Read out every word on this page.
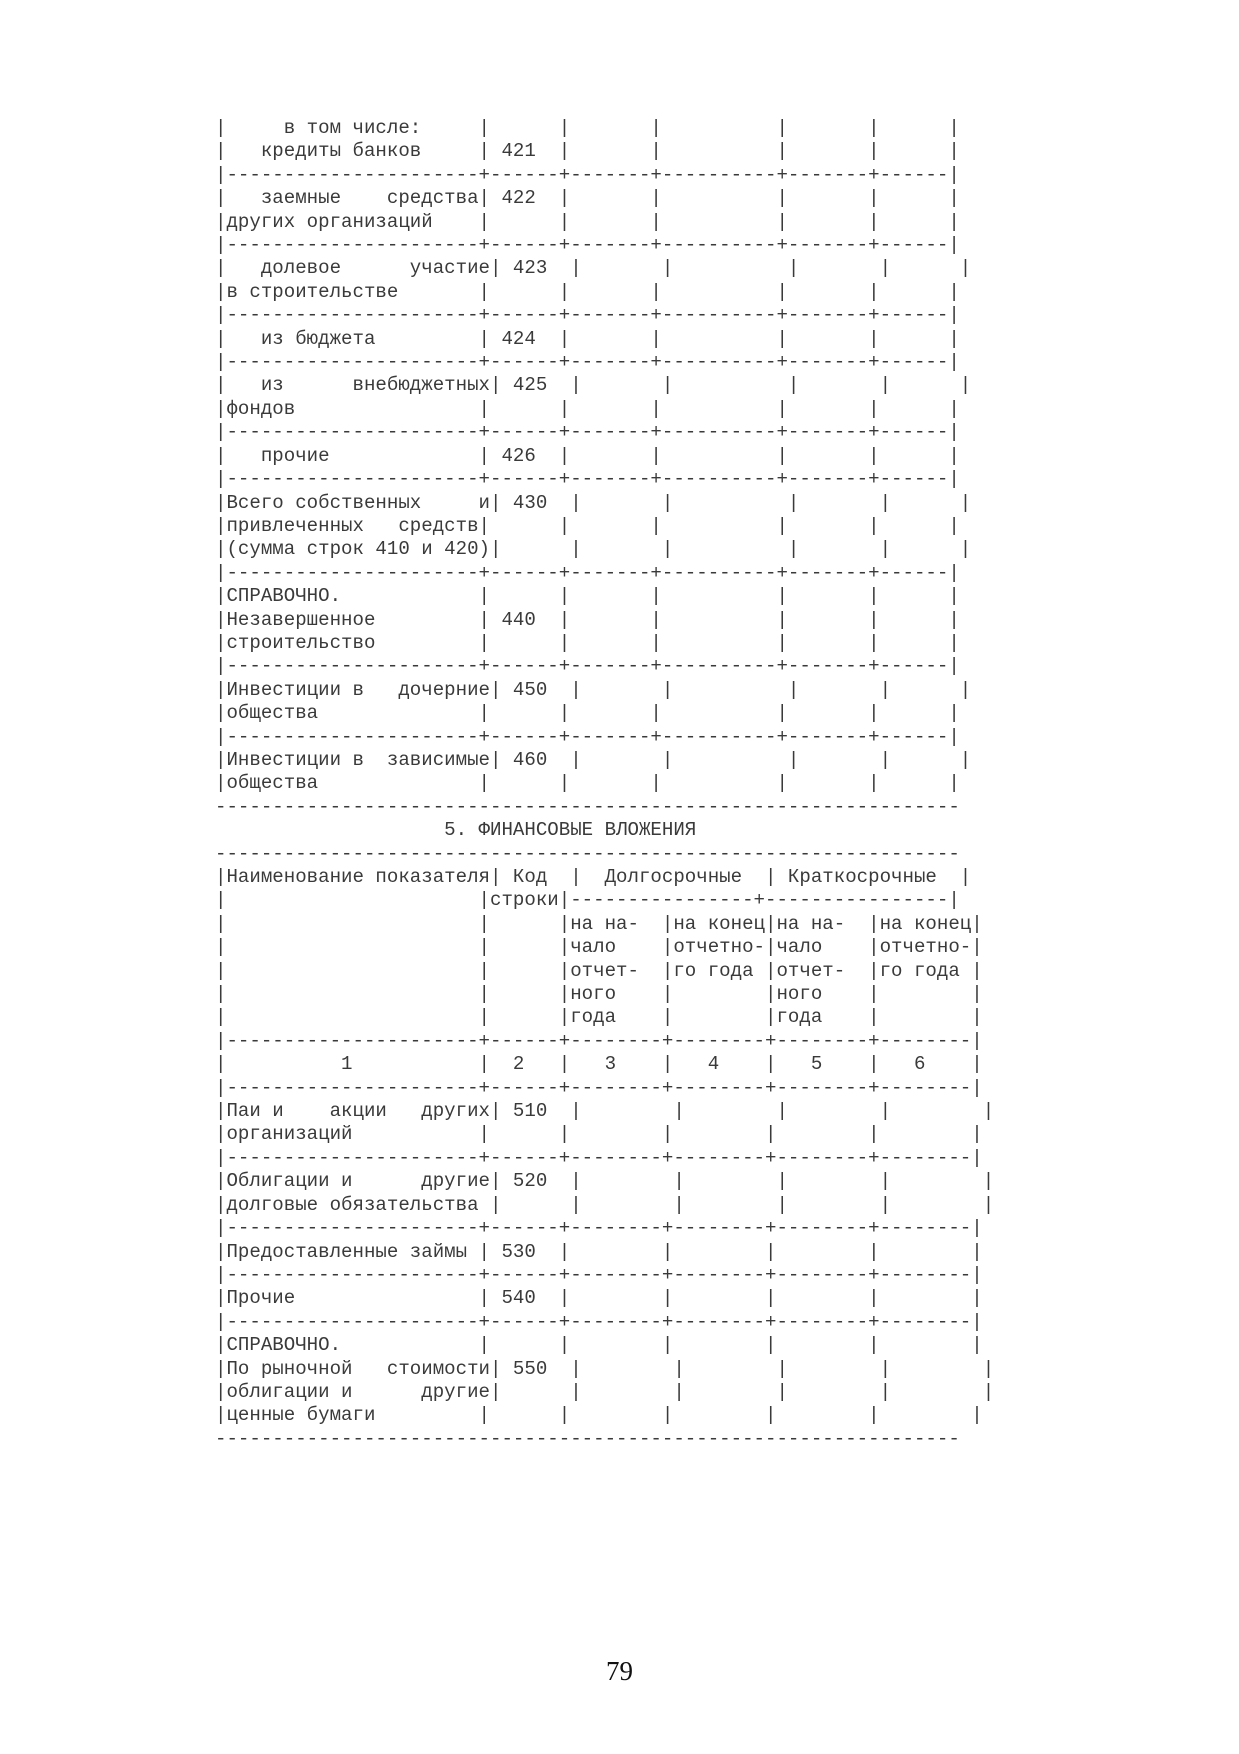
|     в том числе:     |      |       |          |       |      |
|   кредиты банков     | 421  |       |          |       |      |
|----------------------+------+-------+----------+-------+------|
|   заемные    средства| 422  |       |          |       |      |
|других организаций    |      |       |          |       |      |
|----------------------+------+-------+----------+-------+------|
|   долевое      участие| 423  |       |          |       |      |
|в строительстве       |      |       |          |       |      |
|----------------------+------+-------+----------+-------+------|
|   из бюджета         | 424  |       |          |       |      |
|----------------------+------+-------+----------+-------+------|
|   из      внебюджетных| 425  |       |          |       |      |
|фондов                |      |       |          |       |      |
|----------------------+------+-------+----------+-------+------|
|   прочие             | 426  |       |          |       |      |
|----------------------+------+-------+----------+-------+------|
|Всего собственных     и| 430  |       |          |       |      |
|привлеченных   средств|      |       |          |       |      |
|(сумма строк 410 и 420)|      |       |          |       |      |
|----------------------+------+-------+----------+-------+------|
|СПРАВОЧНО.            |      |       |          |       |      |
|Незавершенное         | 440  |       |          |       |      |
|строительство         |      |       |          |       |      |
|----------------------+------+-------+----------+-------+------|
|Инвестиции в   дочерние| 450  |       |          |       |      |
|общества              |      |       |          |       |      |
|----------------------+------+-------+----------+-------+------|
|Инвестиции в  зависимые| 460  |       |          |       |      |
|общества              |      |       |          |       |      |
-----------------------------------------------------------------
5. ФИНАНСОВЫЕ ВЛОЖЕНИЯ
-----------------------------------------------------------------
|Наименование показателя| Код  |  Долгосрочные  | Краткосрочные  |
|                      |строки|----------------+----------------|
|                      |      |на на-  |на конец|на на-  |на конец|
|                      |      |чало    |отчетно-|чало    |отчетно-|
|                      |      |отчет-  |го года |отчет-  |го года |
|                      |      |ного    |        |ного    |        |
|                      |      |года    |        |года    |        |
|----------------------+------+--------+--------+--------+--------|
|          1           |  2   |   3    |   4    |   5    |   6    |
|----------------------+------+--------+--------+--------+--------|
|Паи и    акции   других| 510  |        |        |        |        |
|организаций           |      |        |        |        |        |
|----------------------+------+--------+--------+--------+--------|
|Облигации и      другие| 520  |        |        |        |        |
|долговые обязательства |      |        |        |        |        |
|----------------------+------+--------+--------+--------+--------|
|Предоставленные займы | 530  |        |        |        |        |
|----------------------+------+--------+--------+--------+--------|
|Прочие                | 540  |        |        |        |        |
|----------------------+------+--------+--------+--------+--------|
|СПРАВОЧНО.            |      |        |        |        |        |
|По рыночной   стоимости| 550  |        |        |        |        |
|облигации и      другие|      |        |        |        |        |
|ценные бумаги         |      |        |        |        |        |
-----------------------------------------------------------------
79
